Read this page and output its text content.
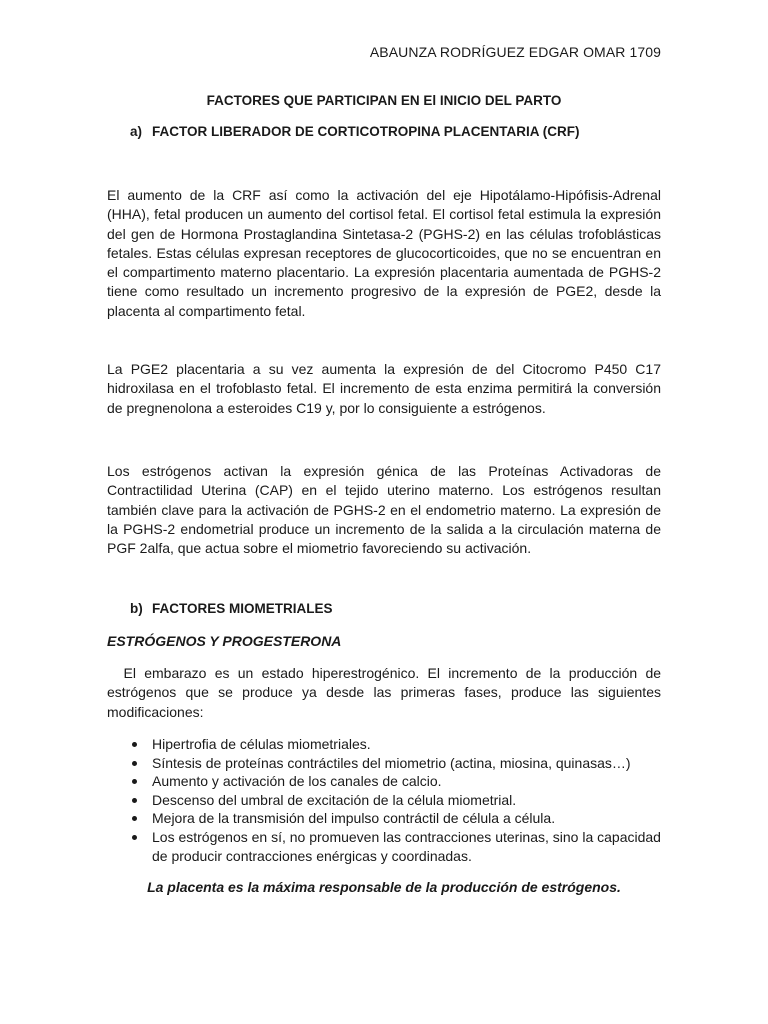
ABAUNZA RODRÍGUEZ EDGAR OMAR 1709
FACTORES QUE PARTICIPAN EN El INICIO DEL PARTO
a) FACTOR LIBERADOR DE CORTICOTROPINA PLACENTARIA (CRF)

El aumento de la CRF así como la activación del eje Hipotálamo-Hipófisis-Adrenal (HHA), fetal producen un aumento del cortisol fetal. El cortisol fetal estimula la expresión del gen de Hormona Prostaglandina Sintetasa-2 (PGHS-2) en las células trofoblásticas fetales. Estas células expresan receptores de glucocorticoides, que no se encuentran en el compartimento materno placentario. La expresión placentaria aumentada de PGHS-2 tiene como resultado un incremento progresivo de la expresión de PGE2, desde la placenta al compartimento fetal.

La PGE2 placentaria a su vez aumenta la expresión de del Citocromo P450 C17 hidroxilasa en el trofoblasto fetal. El incremento de esta enzima permitirá la conversión de pregnenolona a esteroides C19 y, por lo consiguiente a estrógenos.

Los estrógenos activan la expresión génica de las Proteínas Activadoras de Contractilidad Uterina (CAP) en el tejido uterino materno. Los estrógenos resultan también clave para la activación de PGHS-2 en el endometrio materno. La expresión de la PGHS-2 endometrial produce un incremento de la salida a la circulación materna de PGF 2alfa, que actua sobre el miometrio favoreciendo su activación.

b) FACTORES MIOMETRIALES
ESTRÓGENOS Y PROGESTERONA

El embarazo es un estado hiperestrogénico. El incremento de la producción de estrógenos que se produce ya desde las primeras fases, produce las siguientes modificaciones:

Hipertrofia de células miometriales.
Síntesis de proteínas contráctiles del miometrio (actina, miosina, quinasas…)
Aumento y activación de los canales de calcio.
Descenso del umbral de excitación de la célula miometrial.
Mejora de la transmisión del impulso contráctil de célula a célula.
Los estrógenos en sí, no promueven las contracciones uterinas, sino la capacidad de producir contracciones enérgicas y coordinadas.
La placenta es la máxima responsable de la producción de estrógenos.
